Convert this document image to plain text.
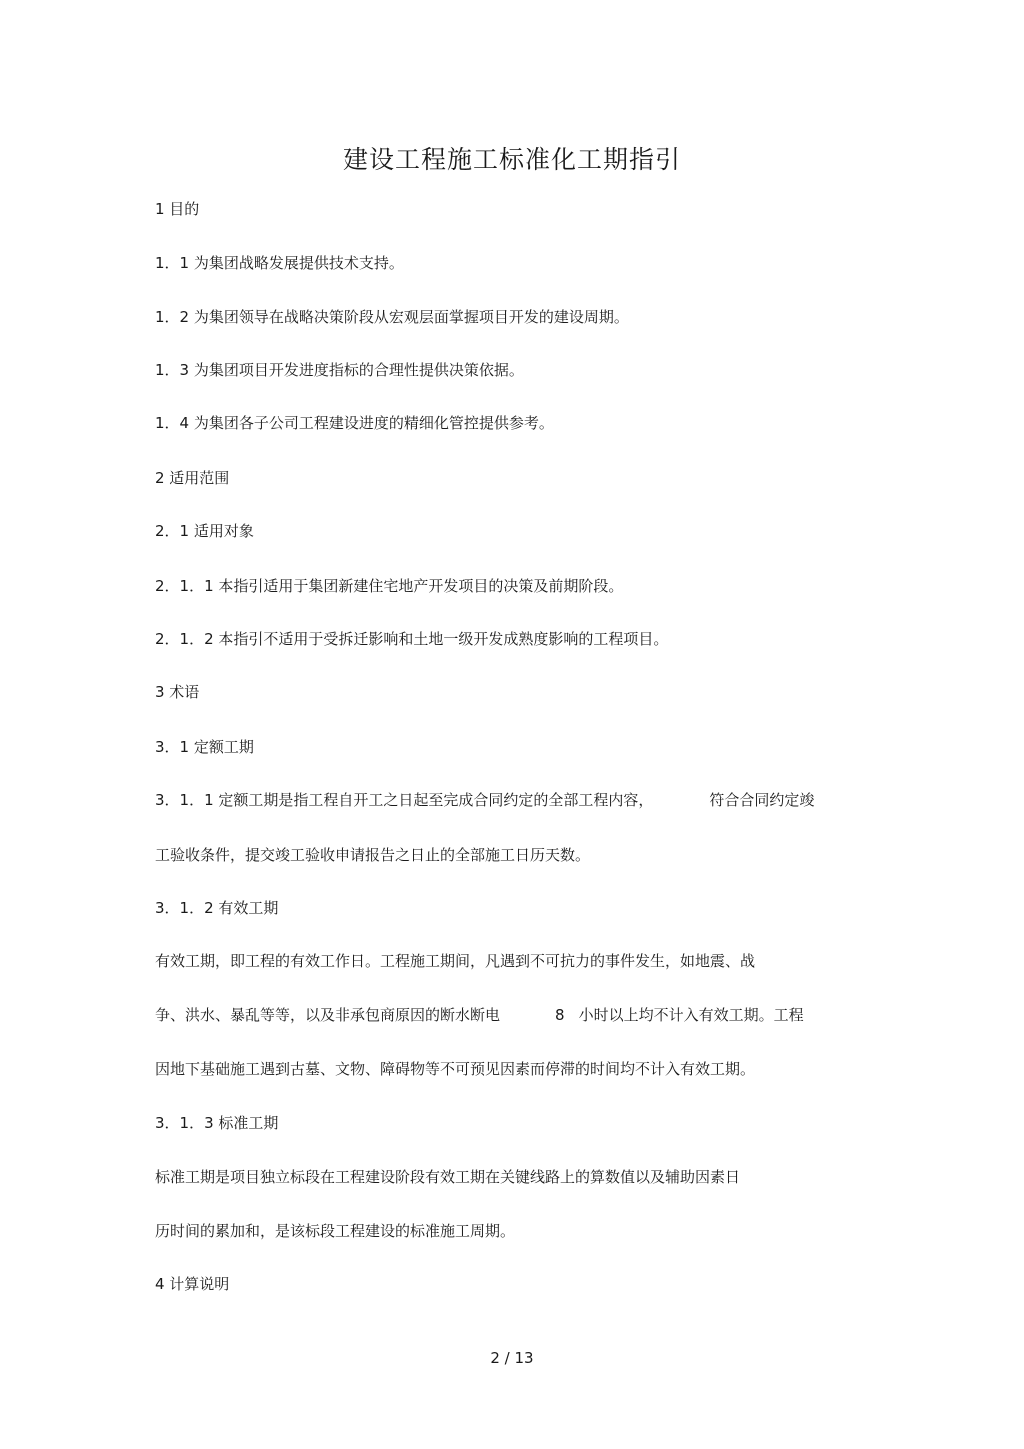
建设工程施工标准化工期指引
1 目的
1．1 为集团战略发展提供技术支持。
1．2 为集团领导在战略决策阶段从宏观层面掌握项目开发的建设周期。
1．3 为集团项目开发进度指标的合理性提供决策依据。
1．4 为集团各子公司工程建设进度的精细化管控提供参考。
2 适用范围
2．1 适用对象
2．1．1 本指引适用于集团新建住宅地产开发项目的决策及前期阶段。
2．1．2 本指引不适用于受拆迁影响和土地一级开发成熟度影响的工程项目。
3 术语
3．1 定额工期
3．1．1 定额工期是指工程自开工之日起至完成合同约定的全部工程内容，	符合合同约定竣
工验收条件，提交竣工验收申请报告之日止的全部施工日历天数。
3．1．2 有效工期
有效工期，即工程的有效工作日。工程施工期间，凡遇到不可抗力的事件发生，如地震、战
争、洪水、暴乱等等，以及非承包商原因的断水断电	8 小时以上均不计入有效工期。工程
因地下基础施工遇到古墓、文物、障碍物等不可预见因素而停滞的时间均不计入有效工期。
3．1．3 标准工期
标准工期是项目独立标段在工程建设阶段有效工期在关键线路上的算数值以及辅助因素日
历时间的累加和，是该标段工程建设的标准施工周期。
4 计算说明
2 / 13
